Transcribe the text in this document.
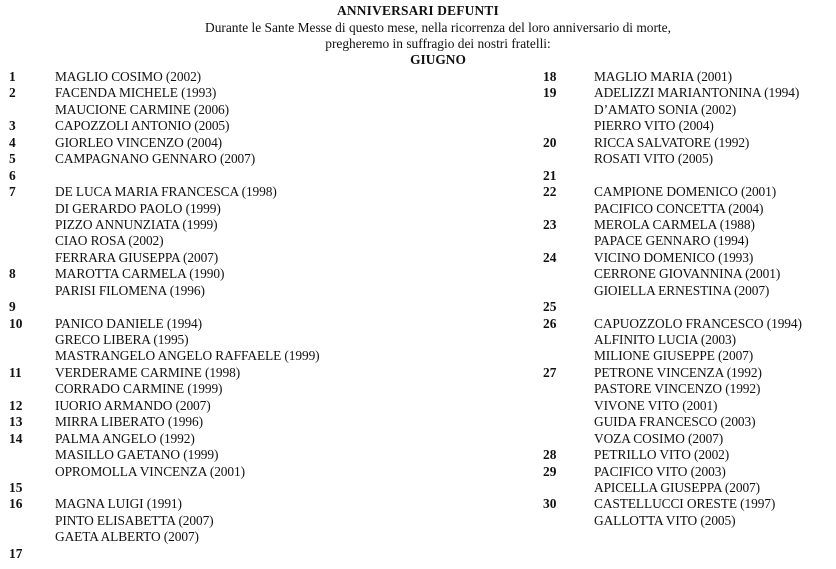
ANNIVERSARI DEFUNTI
Durante le Sante Messe di questo mese, nella ricorrenza del loro anniversario di morte,
pregheremo in suffragio dei nostri fratelli:
GIUGNO
1	MAGLIO COSIMO (2002)
2	FACENDA MICHELE (1993)
MAUCIONE CARMINE (2006)
3	CAPOZZOLI ANTONIO (2005)
4	GIORLEO VINCENZO (2004)
5	CAMPAGNANO GENNARO (2007)
6
7	DE LUCA MARIA FRANCESCA (1998)
DI GERARDO PAOLO (1999)
PIZZO ANNUNZIATA (1999)
CIAO ROSA (2002)
FERRARA GIUSEPPA (2007)
8	MAROTTA CARMELA (1990)
PARISI FILOMENA (1996)
9
10 PANICO DANIELE (1994)
GRECO LIBERA (1995)
MASTRANGELO ANGELO RAFFAELE (1999)
11 VERDERAME CARMINE (1998)
CORRADO CARMINE (1999)
12 IUORIO ARMANDO (2007)
13 MIRRA LIBERATO (1996)
14 PALMA ANGELO (1992)
MASILLO GAETANO (1999)
OPROMOLLA VINCENZA (2001)
15
16 MAGNA LUIGI (1991)
PINTO ELISABETTA (2007)
GAETA ALBERTO (2007)
17
18	MAGLIO MARIA (2001)
19	ADELIZZI MARIANTONINA (1994)
D’AMATO SONIA (2002)
PIERRO VITO (2004)
20	RICCA SALVATORE (1992)
ROSATI VITO (2005)
21
22	CAMPIONE DOMENICO (2001)
PACIFICO CONCETTA (2004)
23	MEROLA CARMELA (1988)
PAPACE GENNARO (1994)
24	VICINO DOMENICO (1993)
CERRONE GIOVANNINA (2001)
GIOIELLA ERNESTINA (2007)
25
26	CAPUOZZOLO FRANCESCO (1994)
ALFINITO LUCIA (2003)
MILIONE GIUSEPPE (2007)
27	PETRONE VINCENZA (1992)
PASTORE VINCENZO (1992)
VIVONE VITO (2001)
GUIDA FRANCESCO (2003)
VOZA COSIMO (2007)
28	PETRILLO VITO (2002)
29	PACIFICO VITO (2003)
APICELLA GIUSEPPA (2007)
30	CASTELLUCCI ORESTE (1997)
GALLOTTA VITO (2005)
